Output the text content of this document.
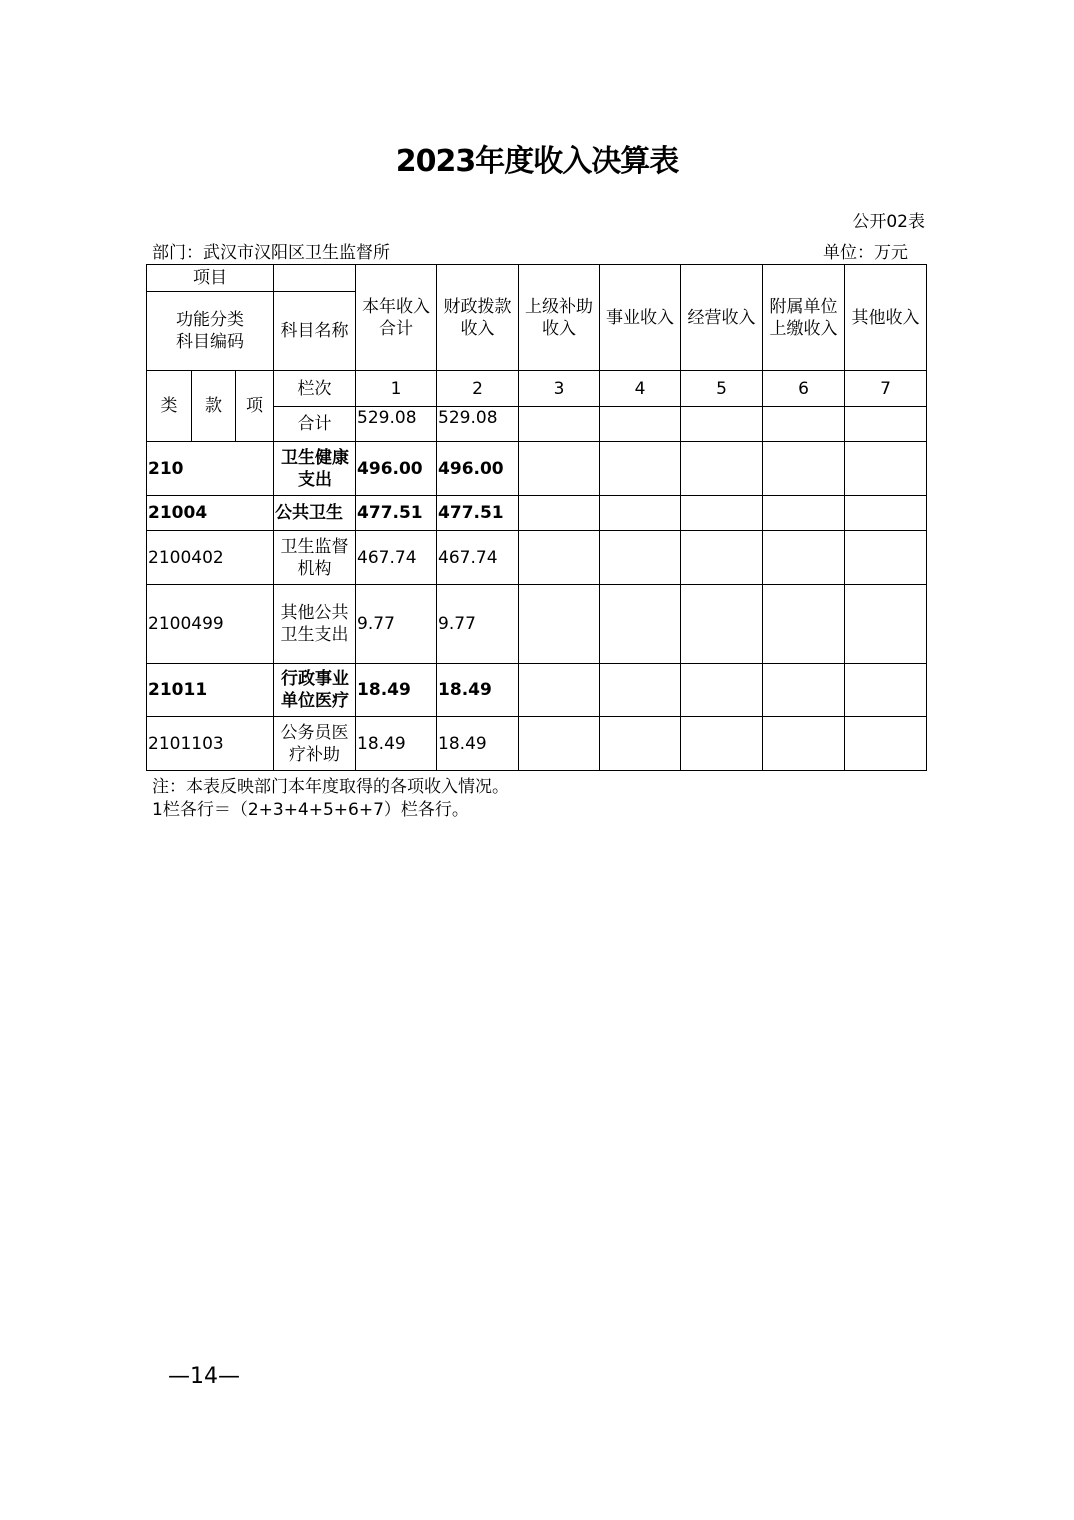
2023年度收入决算表
公开02表
部门：武汉市汉阳区卫生监督所	单位：万元
项目				本年收入合计	财政拨款收入	上级补助收入	事业收入	经营收入	附属单位上缴收入	其他收入
功能分类科目编码			科目名称							
类	款	项	栏次	1	2	3	4	5	6	7
			合计	529.08	529.08					
210			卫生健康支出	496.00	496.00					
21004			公共卫生	477.51	477.51					
2100402			卫生监督机构	467.74	467.74					
2100499			其他公共卫生支出	9.77	9.77					
21011			行政事业单位医疗	18.49	18.49					
2101103			公务员医疗补助	18.49	18.49					
注：本表反映部门本年度取得的各项收入情况。
1栏各行＝（2+3+4+5+6+7）栏各行。
—14—
